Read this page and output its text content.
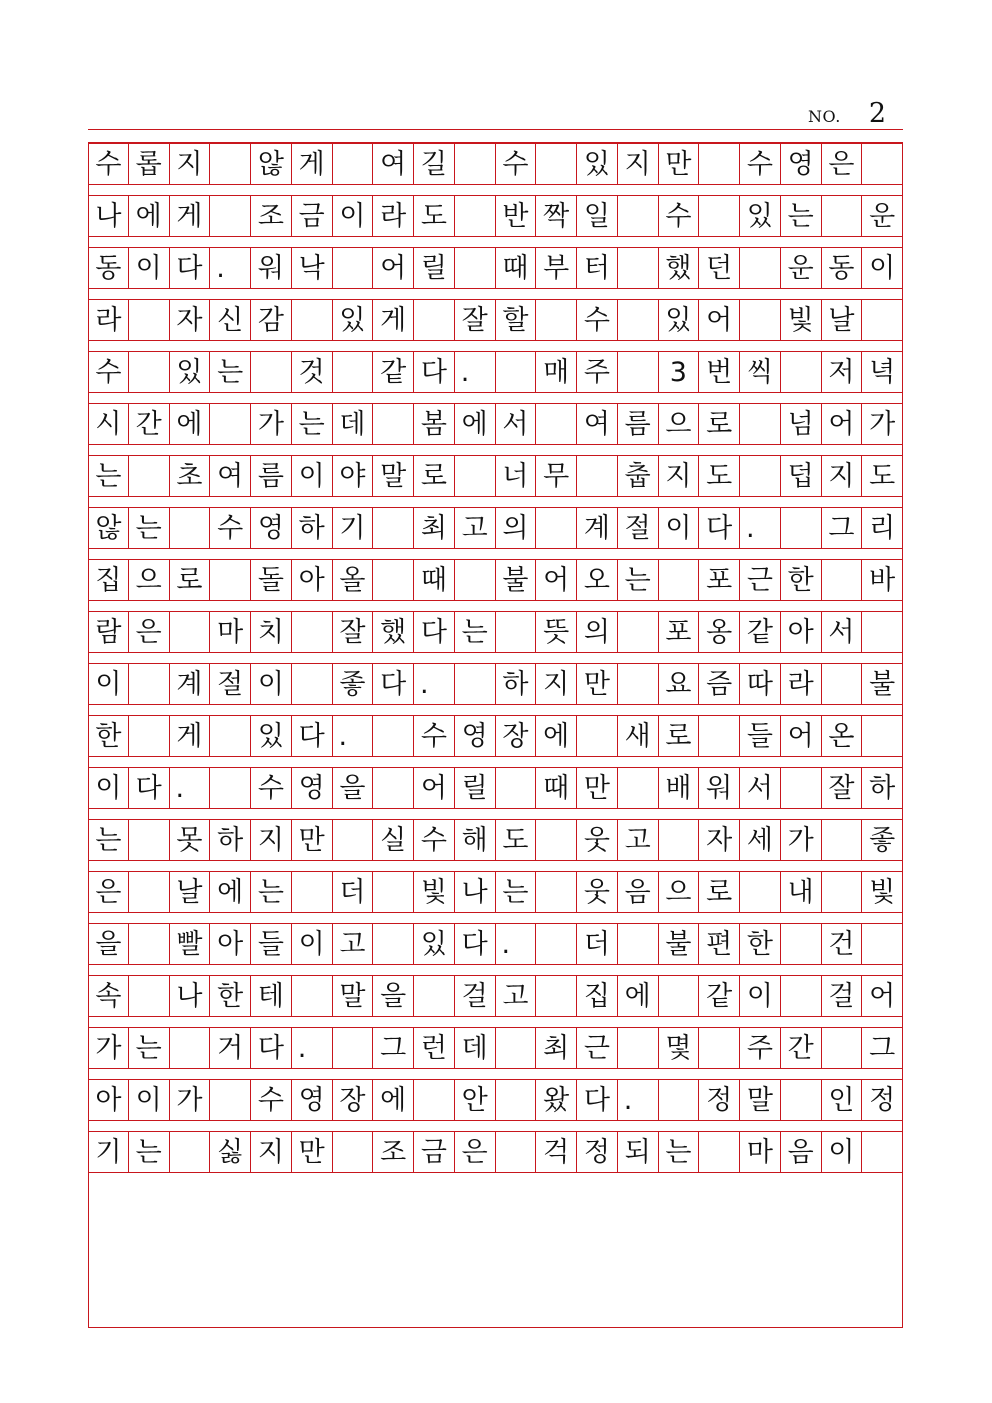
NO. 2
수 롭 지 않 게 여 길 수 있 지 만 수 영 은
나 에 게 조 금 이 라 도 반 짝 일 수 있 는 운
동 이 다 .	워 낙 어 릴 때 부 터 했 던 운 동 이
라 자 신 감 있 게 잘 할 수 있 어 빛 날
수 있 는 것 같 다 .	매 주	3 번 씩 저 녁
시 간 에 가 는 데 봄 에 서 여 름 으 로 넘 어 가
는 초 여 름 이 야 말 로 너 무 춥 지 도 덥 지 도
않 는 수 영 하 기 최 고 의 계 절 이 다 .	그 리
집 으 로 돌 아 올 때 불 어 오 는 포 근 한 바
람 은 마 치 잘 했 다 는 뜻 의 포 옹 같 아 서
이 계 절 이 좋 다 .	하 지 만 요 즘 따 라 불
한 게 있 다 .	수 영 장 에 새 로 들 어 온
이 다 .	수 영 을 어 릴 때 만 배 워 서 잘 하
는 못 하 지 만 실 수 해 도 웃 고 자 세 가 좋
은 날 에 는 더 빛 나 는 웃 음 으 로 내 빛
을 빨 아 들 이 고 있 다 .	더 불 편 한 건
속 나 한 테 말 을 걸 고 집 에 같 이 걸 어
가 는 거 다 .	그 런 데 최 근 몇 주 간 그
아 이 가 수 영 장 에 안 왔 다 .	정 말 인 정
기 는 싫 지 만 조 금 은 걱 정 되 는 마 음 이
